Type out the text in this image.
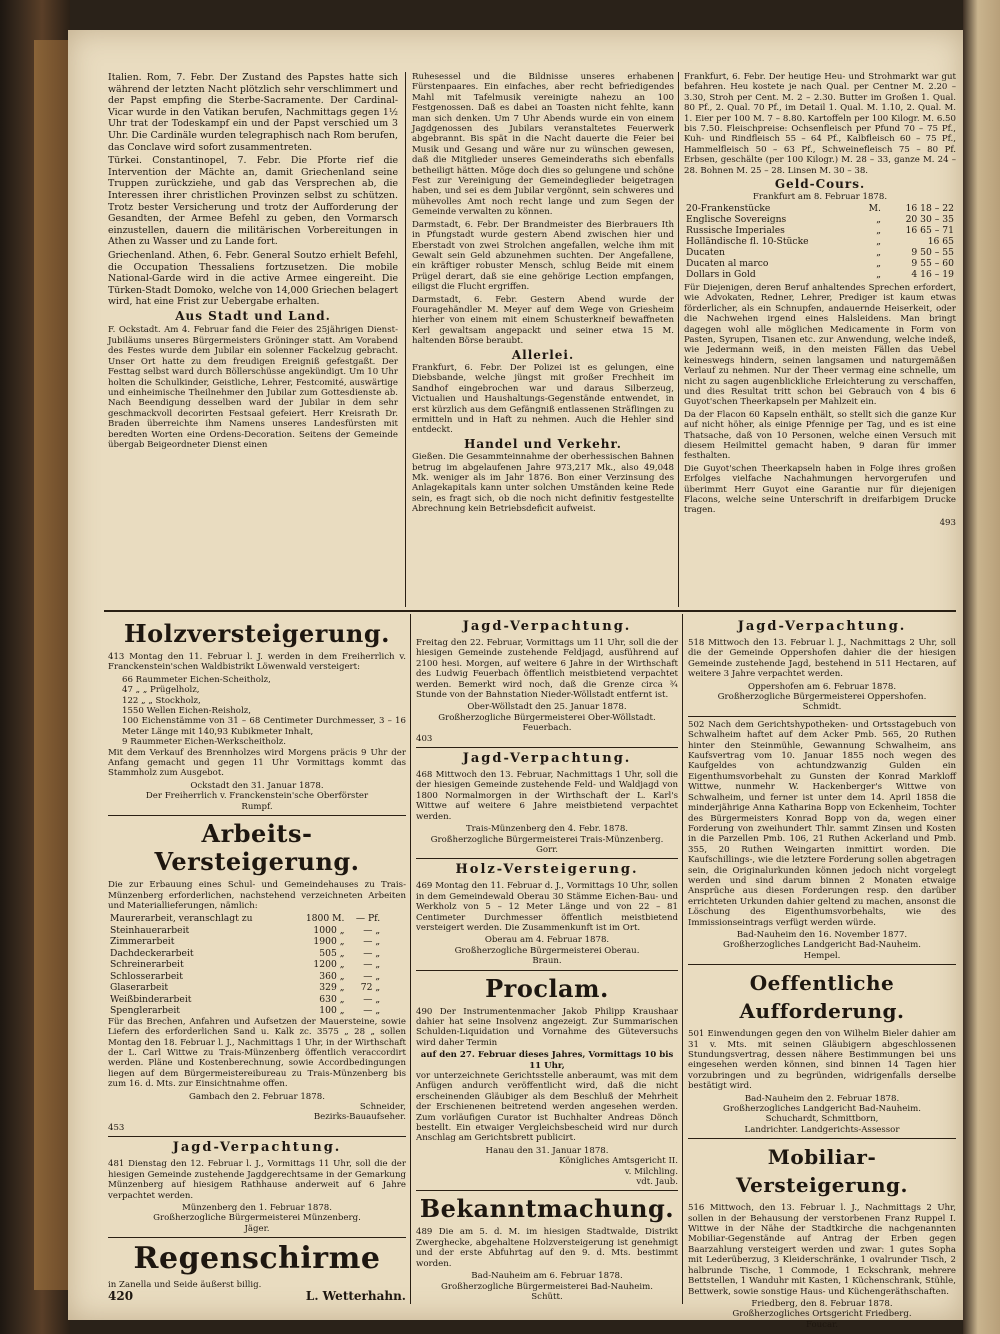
Italien. Rom, 7. Febr. Der Zustand des Papstes hatte sich während der letzten Nacht plötzlich sehr verschlimmert und der Papst empfing die Sterbe-Sacramente. Der Cardinal-Vicar wurde in den Vatikan berufen, Nachmittags gegen 1½ Uhr trat der Todeskampf ein und der Papst verschied um 3 Uhr. Die Cardinäle wurden telegraphisch nach Rom berufen, das Conclave wird sofort zusammentreten.

Türkei. Constantinopel, 7. Febr. Die Pforte rief die Intervention der Mächte an, damit Griechenland seine Truppen zurückziehe, und gab das Versprechen ab, die Interessen ihrer christlichen Provinzen selbst zu schützen. Trotz bester Versicherung und trotz der Aufforderung der Gesandten, der Armee Befehl zu geben, den Vormarsch einzustellen, dauern die militärischen Vorbereitungen in Athen zu Wasser und zu Lande fort.

Griechenland. Athen, 6. Febr. General Soutzo erhielt Befehl, die Occupation Thessaliens fortzusetzen. Die mobile National-Garde wird in die active Armee eingereiht. Die Türken-Stadt Domoko, welche von 14,000 Griechen belagert wird, hat eine Frist zur Uebergabe erhalten.

Aus Stadt und Land.

F. Ockstadt. Am 4. Februar fand die Feier des 25jährigen Dienst-Jubiläums unseres Bürgermeisters Gröninger statt. Am Vorabend des Festes wurde dem Jubilar ein solenner Fackelzug gebracht. Unser Ort hatte zu dem freudigen Ereigniß gefestgaßt. Der Festtag selbst ward durch Böllerschüsse angekündigt. Um 10 Uhr holten die Schulkinder, Geistliche, Lehrer, Festcomité, auswärtige und einheimische Theilnehmer den Jubilar zum Gottesdienste ab. Nach Beendigung desselben ward der Jubilar in dem sehr geschmackvoll decorirten Festsaal gefeiert. Herr Kreisrath Dr. Braden überreichte ihm Namens unseres Landesfürsten mit beredten Worten eine Ordens-Decoration. Seitens der Gemeinde übergab Beigeordneter Dienst einen

Ruhesessel und die Bildnisse unseres erhabenen Fürstenpaares. Ein einfaches, aber recht befriedigendes Mahl mit Tafelmusik vereinigte nahezu an 100 Festgenossen. Daß es dabei an Toasten nicht fehlte, kann man sich denken. Um 7 Uhr Abends wurde ein von einem Jagdgenossen des Jubilars veranstaltetes Feuerwerk abgebrannt. Bis spät in die Nacht dauerte die Feier bei Musik und Gesang und wäre nur zu wünschen gewesen, daß die Mitglieder unseres Gemeinderaths sich ebenfalls betheiligt hätten. Möge doch dies so gelungene und schöne Fest zur Vereinigung der Gemeindeglieder beigetragen haben, und sei es dem Jubilar vergönnt, sein schweres und mühevolles Amt noch recht lange und zum Segen der Gemeinde verwalten zu können.

Darmstadt, 6. Febr. Der Brandmeister des Bierbrauers Ith in Pfungstadt wurde gestern Abend zwischen hier und Eberstadt von zwei Strolchen angefallen, welche ihm mit Gewalt sein Geld abzunehmen suchten. Der Angefallene, ein kräftiger robuster Mensch, schlug Beide mit einem Prügel derart, daß sie eine gehörige Lection empfangen, eiligst die Flucht ergriffen.

Darmstadt, 6. Febr. Gestern Abend wurde der Fouragehändler M. Meyer auf dem Wege von Griesheim hierher von einem mit einem Schusterkneif bewaffneten Kerl gewaltsam angepackt und seiner etwa 15 M. haltenden Börse beraubt.

Allerlei.

Frankfurt, 6. Febr. Der Polizei ist es gelungen, eine Diebsbande, welche jüngst mit großer Frechheit im Sandhof eingebrochen war und daraus Silberzeug, Victualien und Haushaltungs-Gegenstände entwendet, in erst kürzlich aus dem Gefängniß entlassenen Sträflingen zu ermitteln und in Haft zu nehmen. Auch die Hehler sind entdeckt.

Handel und Verkehr.

Gießen. Die Gesammteinnahme der oberhessischen Bahnen betrug im abgelaufenen Jahre 973,217 Mk., also 49,048 Mk. weniger als im Jahr 1876. Bon einer Verzinsung des Anlagekapitals kann unter solchen Umständen keine Rede sein, es fragt sich, ob die noch nicht definitiv festgestellte Abrechnung kein Betriebsdeficit aufweist.

Frankfurt, 6. Febr. Der heutige Heu- und Strohmarkt war gut befahren. Heu kostete je nach Qual. per Centner M. 2.20 – 3.30, Stroh per Cent. M. 2 – 2.30. Butter im Großen 1. Qual. 80 Pf., 2. Qual. 70 Pf., im Detail 1. Qual. M. 1.10, 2. Qual. M. 1. Eier per 100 M. 7 – 8.80. Kartoffeln per 100 Kilogr. M. 6.50 bis 7.50. Fleischpreise: Ochsenfleisch per Pfund 70 – 75 Pf., Kuh- und Rindfleisch 55 – 64 Pf., Kalbfleisch 60 – 75 Pf., Hammelfleisch 50 – 63 Pf., Schweinefleisch 75 – 80 Pf. Erbsen, geschälte (per 100 Kilogr.) M. 28 – 33, ganze M. 24 – 28. Bohnen M. 25 – 28. Linsen M. 30 – 38.

Geld-Cours.
Frankfurt am 8. Februar 1878.
20-Frankenstücke	M.	16 18 – 22
Englische Sovereigns	„	20 30 – 35
Russische Imperiales	„	16 65 – 71
Holländische fl. 10-Stücke	„	16 65
Ducaten	„	9 50 – 55
Ducaten al marco	„	9 55 – 60
Dollars in Gold	„	4 16 – 19

Für Diejenigen, deren Beruf anhaltendes Sprechen erfordert, wie Advokaten, Redner, Lehrer, Prediger ist kaum etwas förderlicher, als ein Schnupfen, andauernde Heiserkeit, oder die Nachwehen irgend eines Halsleidens. Man bringt dagegen wohl alle möglichen Medicamente in Form von Pasten, Syrupen, Tisanen etc. zur Anwendung, welche indeß, wie Jedermann weiß, in den meisten Fällen das Uebel keineswegs hindern, seinen langsamen und naturgemäßen Verlauf zu nehmen. Nur der Theer vermag eine schnelle, um nicht zu sagen augenblickliche Erleichterung zu verschaffen, und dies Resultat tritt schon bei Gebrauch von 4 bis 6 Guyot'schen Theerkapseln per Mahlzeit ein.

Da der Flacon 60 Kapseln enthält, so stellt sich die ganze Kur auf nicht höher, als einige Pfennige per Tag, und es ist eine Thatsache, daß von 10 Personen, welche einen Versuch mit diesem Heilmittel gemacht haben, 9 daran für immer festhalten.

Die Guyot'schen Theerkapseln haben in Folge ihres großen Erfolges vielfache Nachahmungen hervorgerufen und überimmt Herr Guyot eine Garantie nur für diejenigen Flacons, welche seine Unterschrift in dreifarbigem Drucke tragen.

493
Holzversteigerung.

413 Montag den 11. Februar l. J. werden in dem Freiherrlich v. Franckenstein'schen Waldbistrikt Löwenwald versteigert:

66 Raummeter Eichen-Scheitholz,
47 „ „ Prügelholz,
122 „ „ Stockholz,
1550 Wellen Eichen-Reisholz,
100 Eichenstämme von 31 – 68 Centimeter Durchmesser, 3 – 16 Meter Länge mit 140,93 Kubikmeter Inhalt,
9 Raummeter Eichen-Werkscheitholz.

Mit dem Verkauf des Brennholzes wird Morgens präcis 9 Uhr der Anfang gemacht und gegen 11 Uhr Vormittags kommt das Stammholz zum Ausgebot.

Ockstadt den 31. Januar 1878.
Der Freiherrlich v. Franckenstein'sche Oberförster
Rumpf.
Arbeits-Versteigerung.

Die zur Erbauung eines Schul- und Gemeindehauses zu Trais-Münzenberg erforderlichen, nachstehend verzeichneten Arbeiten und Materiallieferungen, nämlich:

Maurerarbeit, veranschlagt zu	1800 M.	— Pf.
Steinhauerarbeit	1000 „	— „
Zimmerarbeit	1900 „	— „
Dachdeckerarbeit	505 „	— „
Schreinerarbeit	1200 „	— „
Schlosserarbeit	360 „	— „
Glaserarbeit	329 „	72 „
Weißbinderarbeit	630 „	— „
Spenglerarbeit	100 „	— „

Für das Brechen, Anfahren und Aufsetzen der Mauersteine, sowie Liefern des erforderlichen Sand u. Kalk zc. 3575 „ 28 „ sollen Montag den 18. Februar l. J., Nachmittags 1 Uhr, in der Wirthschaft der L. Carl Wittwe zu Trais-Münzenberg öffentlich veraccordirt werden. Pläne und Kostenberechnung, sowie Accordbedingungen liegen auf dem Bürgermeistereibureau zu Trais-Münzenberg bis zum 16. d. Mts. zur Einsichtnahme offen.

Gambach den 2. Februar 1878.
Schneider,
Bezirks-Bauaufseher.
453
Jagd-Verpachtung.

481 Dienstag den 12. Februar l. J., Vormittags 11 Uhr, soll die der hiesigen Gemeinde zustehende Jagdgerechtsame in der Gemarkung Münzenberg auf hiesigem Rathhause anderweit auf 6 Jahre verpachtet werden.

Münzenberg den 1. Februar 1878.
Großherzogliche Bürgermeisterei Münzenberg.
Jäger.
Regenschirme
in Zanella und Seide äußerst billig.
420	L. Wetterhahn.
Jagd-Verpachtung.

Freitag den 22. Februar, Vormittags um 11 Uhr, soll die der hiesigen Gemeinde zustehende Feldjagd, ausführend auf 2100 hesi. Morgen, auf weitere 6 Jahre in der Wirthschaft des Ludwig Feuerbach öffentlich meistbietend verpachtet werden. Bemerkt wird noch, daß die Grenze circa ¾ Stunde von der Bahnstation Nieder-Wöllstadt entfernt ist.

Ober-Wöllstadt den 25. Januar 1878.
Großherzogliche Bürgermeisterei Ober-Wöllstadt.
Feuerbach.
403
Jagd-Verpachtung.

468 Mittwoch den 13. Februar, Nachmittags 1 Uhr, soll die der hiesigen Gemeinde zustehende Feld- und Waldjagd von 1800 Normalmorgen in der Wirthschaft der L. Karl's Wittwe auf weitere 6 Jahre meistbietend verpachtet werden.

Trais-Münzenberg den 4. Febr. 1878.
Großherzogliche Bürgermeisterei Trais-Münzenberg.
Gorr.
Holz-Versteigerung.

469 Montag den 11. Februar d. J., Vormittags 10 Uhr, sollen in dem Gemeindewald Oberau 30 Stämme Eichen-Bau- und Werkholz von 5 – 12 Meter Länge und von 22 – 81 Centimeter Durchmesser öffentlich meistbietend versteigert werden. Die Zusammenkunft ist im Ort.

Oberau am 4. Februar 1878.
Großherzogliche Bürgermeisterei Oberau.
Braun.
Proclam.

490 Der Instrumentenmacher Jakob Philipp Kraushaar dahier hat seine Insolvenz angezeigt. Zur Summarischen Schulden-Liquidation und Vornahme des Güteversuchs wird daher Termin

auf den 27. Februar dieses Jahres, Vormittags 10 bis 11 Uhr,

vor unterzeichnete Gerichtsstelle anberaumt, was mit dem Anfügen andurch veröffentlicht wird, daß die nicht erscheinenden Gläubiger als dem Beschluß der Mehrheit der Erschienenen beitretend werden angesehen werden. Zum vorläufigen Curator ist Buchhalter Andreas Dönch bestellt. Ein etwaiger Vergleichsbescheid wird nur durch Anschlag am Gerichtsbrett publicirt.

Hanau den 31. Januar 1878.
Königliches Amtsgericht II.
v. Milchling.
vdt. Jaub.
Bekanntmachung.

489 Die am 5. d. M. im hiesigen Stadtwalde, Distrikt Zwerghecke, abgehaltene Holzversteigerung ist genehmigt und der erste Abfuhrtag auf den 9. d. Mts. bestimmt worden.

Bad-Nauheim am 6. Februar 1878.
Großherzogliche Bürgermeisterei Bad-Nauheim.
Schütt.
Jagd-Verpachtung.

518 Mittwoch den 13. Februar l. J., Nachmittags 2 Uhr, soll die der Gemeinde Oppershofen dahier die der hiesigen Gemeinde zustehende Jagd, bestehend in 511 Hectaren, auf weitere 3 Jahre verpachtet werden.

Oppershofen am 6. Februar 1878.
Großherzogliche Bürgermeisterei Oppershofen.
Schmidt.

502 Nach dem Gerichtshypotheken- und Ortsstagebuch von Schwalheim haftet auf dem Acker Pmb. 565, 20 Ruthen hinter den Steinmühle, Gewannung Schwalheim, ans Kaufsvertrag vom 10. Januar 1855 noch wegen des Kaufgeldes von achtundzwanzig Gulden ein Eigenthumsvorbehalt zu Gunsten der Konrad Markloff Wittwe, nunmehr W. Hackenberger's Wittwe von Schwalheim, und ferner ist unter dem 14. April 1858 die minderjährige Anna Katharina Bopp von Eckenheim, Tochter des Bürgermeisters Konrad Bopp von da, wegen einer Forderung von zweihundert Thlr. sammt Zinsen und Kosten in die Parzellen Pmb. 106, 21 Ruthen Ackerland und Pmb. 355, 20 Ruthen Weingarten inmittirt worden. Die Kaufschillings-, wie die letztere Forderung sollen abgetragen sein, die Originalurkunden können jedoch nicht vorgelegt werden und sind darum binnen 2 Monaten etwaige Ansprüche aus diesen Forderungen resp. den darüber errichteten Urkunden dahier geltend zu machen, ansonst die Löschung des Eigenthumsvorbehalts, wie des Immissionseintrags verfügt werden würde.

Bad-Nauheim den 16. November 1877.
Großherzogliches Landgericht Bad-Nauheim.
Hempel.
Oeffentliche Aufforderung.

501 Einwendungen gegen den von Wilhelm Bieler dahier am 31 v. Mts. mit seinen Gläubigern abgeschlossenen Stundungsvertrag, dessen nähere Bestimmungen bei uns eingesehen werden können, sind binnen 14 Tagen hier vorzubringen und zu begründen, widrigenfalls derselbe bestätigt wird.

Bad-Nauheim den 2. Februar 1878.
Großherzogliches Landgericht Bad-Nauheim.
Schuchardt, Schmittborn,
Landrichter. Landgerichts-Assessor
Mobiliar-Versteigerung.

516 Mittwoch, den 13. Februar l. J., Nachmittags 2 Uhr, sollen in der Behausung der verstorbenen Franz Ruppel I. Wittwe in der Nähe der Stadtkirche die nachgenannten Mobiliar-Gegenstände auf Antrag der Erben gegen Baarzahlung versteigert werden und zwar: 1 gutes Sopha mit Lederüberzug, 3 Kleiderschränke, 1 ovalrunder Tisch, 2 halbrunde Tische, 1 Commode, 1 Eckschrank, mehrere Bettstellen, 1 Wanduhr mit Kasten, 1 Küchenschrank, Stühle, Bettwerk, sowie sonstige Haus- und Küchengeräthschaften.

Friedberg, den 8. Februar 1878.
Großherzogliches Ortsgericht Friedberg.
Foucar.
